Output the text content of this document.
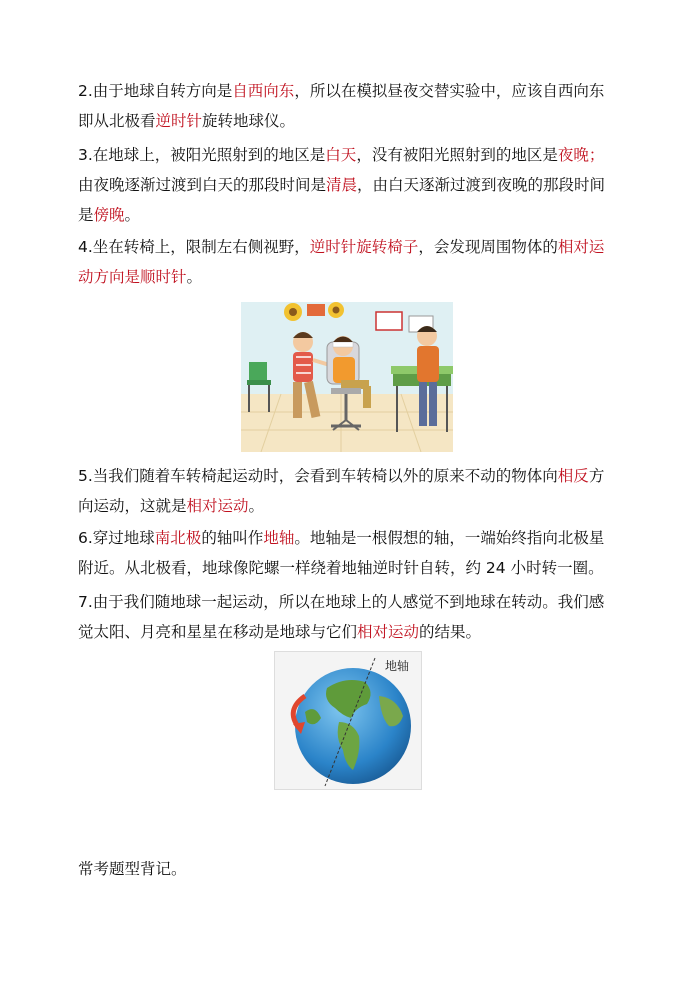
2.由于地球自转方向是自西向东，所以在模拟昼夜交替实验中，应该自西向东
即从北极看逆时针旋转地球仪。
3.在地球上，被阳光照射到的地区是白天，没有被阳光照射到的地区是夜晚；
由夜晚逐渐过渡到白天的那段时间是清晨，由白天逐渐过渡到夜晚的那段时间
是傍晚。
4.坐在转椅上，限制左右侧视野，逆时针旋转椅子，会发现周围物体的相对运
动方向是顺时针。
5.当我们随着车转椅起运动时，会看到车转椅以外的原来不动的物体向相反方
向运动，这就是相对运动。
6.穿过地球南北极的轴叫作地轴。地轴是一根假想的轴，一端始终指向北极星
附近。从北极看，地球像陀螺一样绕着地轴逆时针自转，约 24 小时转一圈。
7.由于我们随地球一起运动，所以在地球上的人感觉不到地球在转动。我们感
觉太阳、月亮和星星在移动是地球与它们相对运动的结果。
地轴
常考题型背记。
